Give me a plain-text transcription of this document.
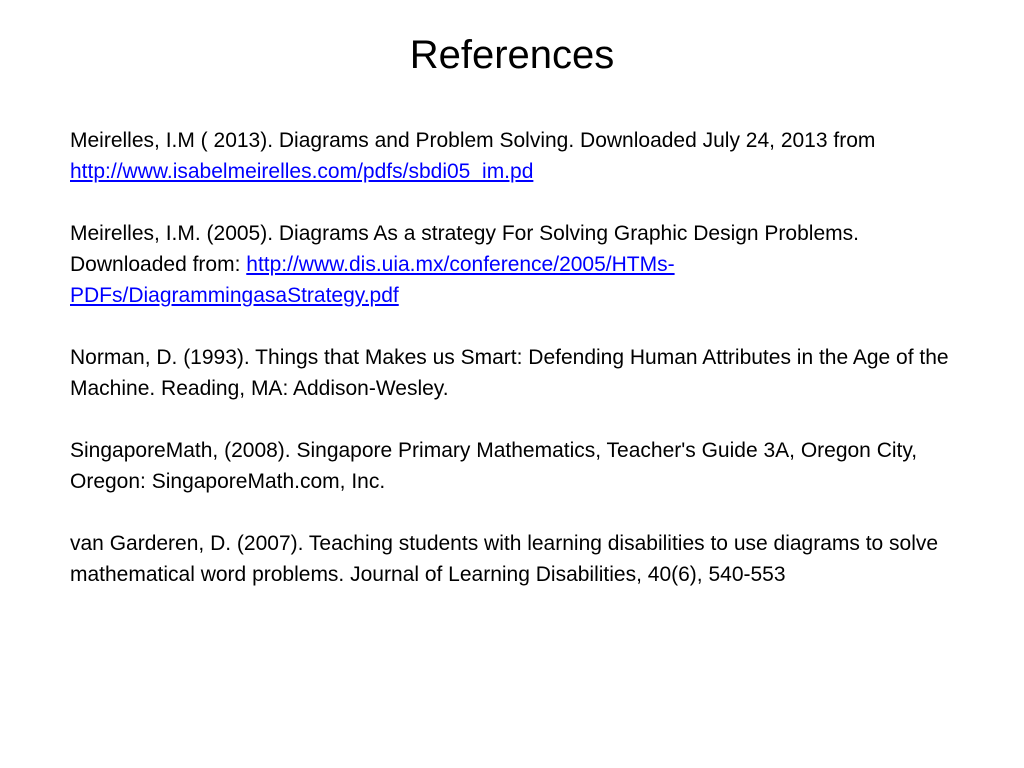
References

Meirelles, I.M ( 2013). Diagrams and Problem Solving. Downloaded July 24, 2013 from http://www.isabelmeirelles.com/pdfs/sbdi05_im.pd

Meirelles, I.M. (2005). Diagrams As a strategy For Solving Graphic Design Problems. Downloaded from: http://www.dis.uia.mx/conference/2005/HTMs-PDFs/DiagrammingasaStrategy.pdf

Norman, D. (1993). Things that Makes us Smart: Defending Human Attributes in the Age of the Machine. Reading, MA: Addison-Wesley.

SingaporeMath, (2008). Singapore Primary Mathematics, Teacher's Guide 3A, Oregon City, Oregon: SingaporeMath.com, Inc.

van Garderen, D. (2007). Teaching students with learning disabilities to use diagrams to solve mathematical word problems. Journal of Learning Disabilities, 40(6), 540-553
